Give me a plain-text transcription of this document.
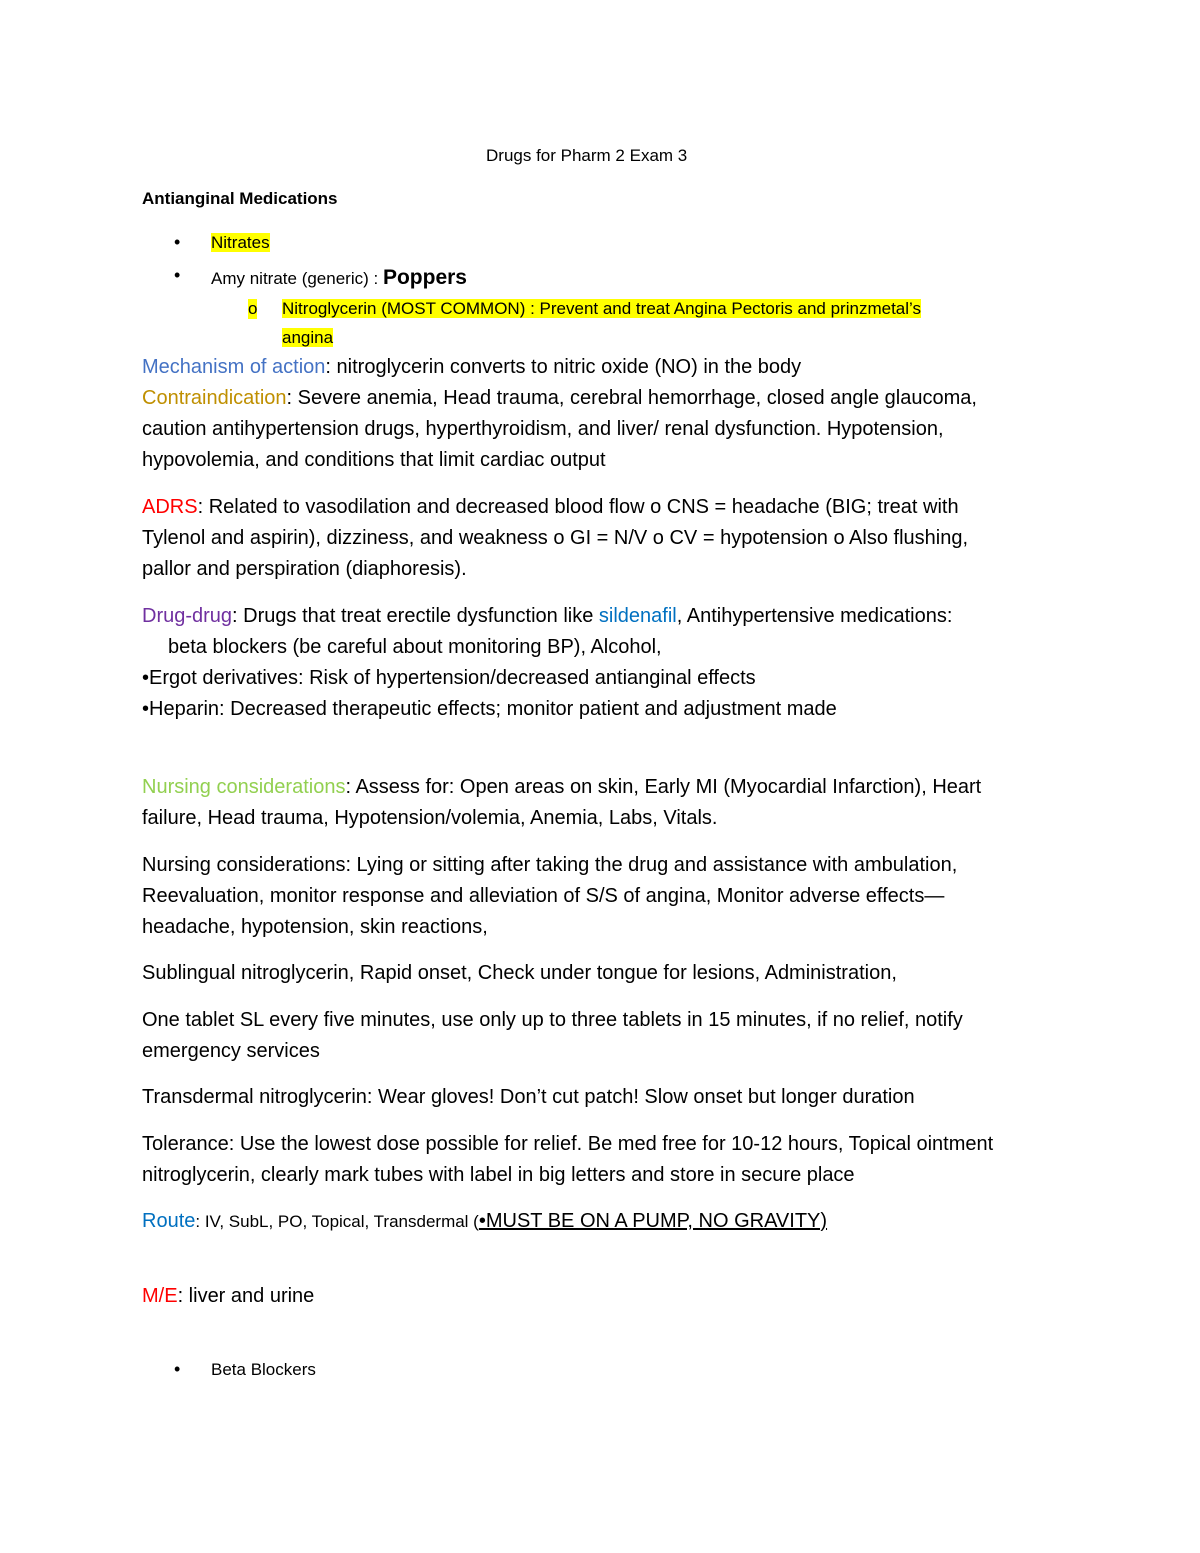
Drugs for Pharm 2 Exam 3
Antianginal Medications
• Nitrates
• Amy nitrate (generic) : Poppers
o Nitroglycerin (MOST COMMON) : Prevent and treat Angina Pectoris and prinzmetal’s
angina
Mechanism of action: nitroglycerin converts to nitric oxide (NO) in the body
Contraindication: Severe anemia, Head trauma, cerebral hemorrhage, closed angle glaucoma,
caution antihypertension drugs, hyperthyroidism, and liver/ renal dysfunction. Hypotension,
hypovolemia, and conditions that limit cardiac output
ADRS: Related to vasodilation and decreased blood flow o CNS = headache (BIG; treat with
Tylenol and aspirin), dizziness, and weakness o GI = N/V o CV = hypotension o Also flushing,
pallor and perspiration (diaphoresis).
Drug-drug: Drugs that treat erectile dysfunction like sildenafil, Antihypertensive medications:
beta blockers (be careful about monitoring BP), Alcohol,
•Ergot derivatives: Risk of hypertension/decreased antianginal effects
•Heparin: Decreased therapeutic effects; monitor patient and adjustment made
Nursing considerations: Assess for: Open areas on skin, Early MI (Myocardial Infarction), Heart
failure, Head trauma, Hypotension/volemia, Anemia, Labs, Vitals.
Nursing considerations: Lying or sitting after taking the drug and assistance with ambulation,
Reevaluation, monitor response and alleviation of S/S of angina, Monitor adverse effects—
headache, hypotension, skin reactions,
Sublingual nitroglycerin, Rapid onset, Check under tongue for lesions, Administration,
One tablet SL every five minutes, use only up to three tablets in 15 minutes, if no relief, notify
emergency services
Transdermal nitroglycerin: Wear gloves! Don’t cut patch! Slow onset but longer duration
Tolerance: Use the lowest dose possible for relief. Be med free for 10-12 hours, Topical ointment
nitroglycerin, clearly mark tubes with label in big letters and store in secure place
Route: IV, SubL, PO, Topical, Transdermal (•MUST BE ON A PUMP, NO GRAVITY)
M/E: liver and urine
• Beta Blockers
